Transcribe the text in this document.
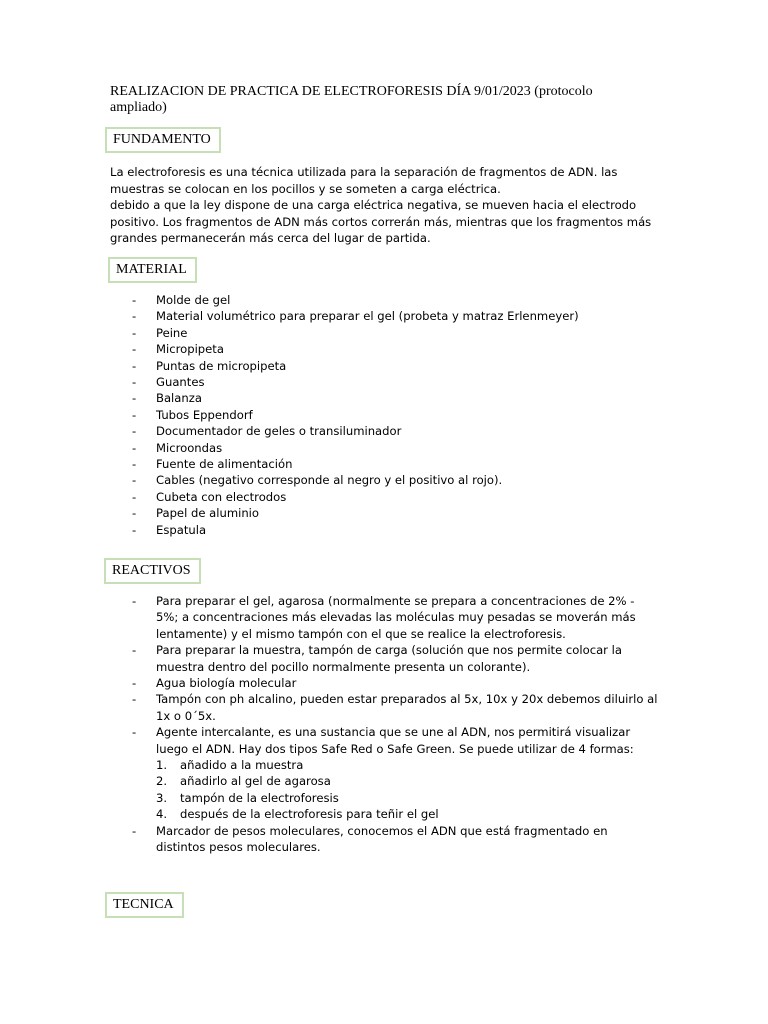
REALIZACION DE PRACTICA DE ELECTROFORESIS DÍA 9/01/2023 (protocolo ampliado)
FUNDAMENTO

La electroforesis es una técnica utilizada para la separación de fragmentos de ADN. las muestras se colocan en los pocillos y se someten a carga eléctrica.

debido a que la ley dispone de una carga eléctrica negativa, se mueven hacia el electrodo positivo. Los fragmentos de ADN más cortos correrán más, mientras que los fragmentos más grandes permanecerán más cerca del lugar de partida.

MATERIAL
- Molde de gel
- Material volumétrico para preparar el gel (probeta y matraz Erlenmeyer)
- Peine
- Micropipeta
- Puntas de micropipeta
- Guantes
- Balanza
- Tubos Eppendorf
- Documentador de geles o transiluminador
- Microondas
- Fuente de alimentación
- Cables (negativo corresponde al negro y el positivo al rojo).
- Cubeta con electrodos
- Papel de aluminio
- Espatula
REACTIVOS
- Para preparar el gel, agarosa (normalmente se prepara a concentraciones de 2% - 5%; a concentraciones más elevadas las moléculas muy pesadas se moverán más lentamente) y el mismo tampón con el que se realice la electroforesis.
- Para preparar la muestra, tampón de carga (solución que nos permite colocar la muestra dentro del pocillo normalmente presenta un colorante).
- Agua biología molecular
- Tampón con ph alcalino, pueden estar preparados al 5x, 10x y 20x debemos diluirlo al 1x o 0´5x.
- Agente intercalante, es una sustancia que se une al ADN, nos permitirá visualizar luego el ADN. Hay dos tipos Safe Red o Safe Green. Se puede utilizar de 4 formas:
1. añadido a la muestra
2. añadirlo al gel de agarosa
3. tampón de la electroforesis
4. después de la electroforesis para teñir el gel
- Marcador de pesos moleculares, conocemos el ADN que está fragmentado en distintos pesos moleculares.
TECNICA
